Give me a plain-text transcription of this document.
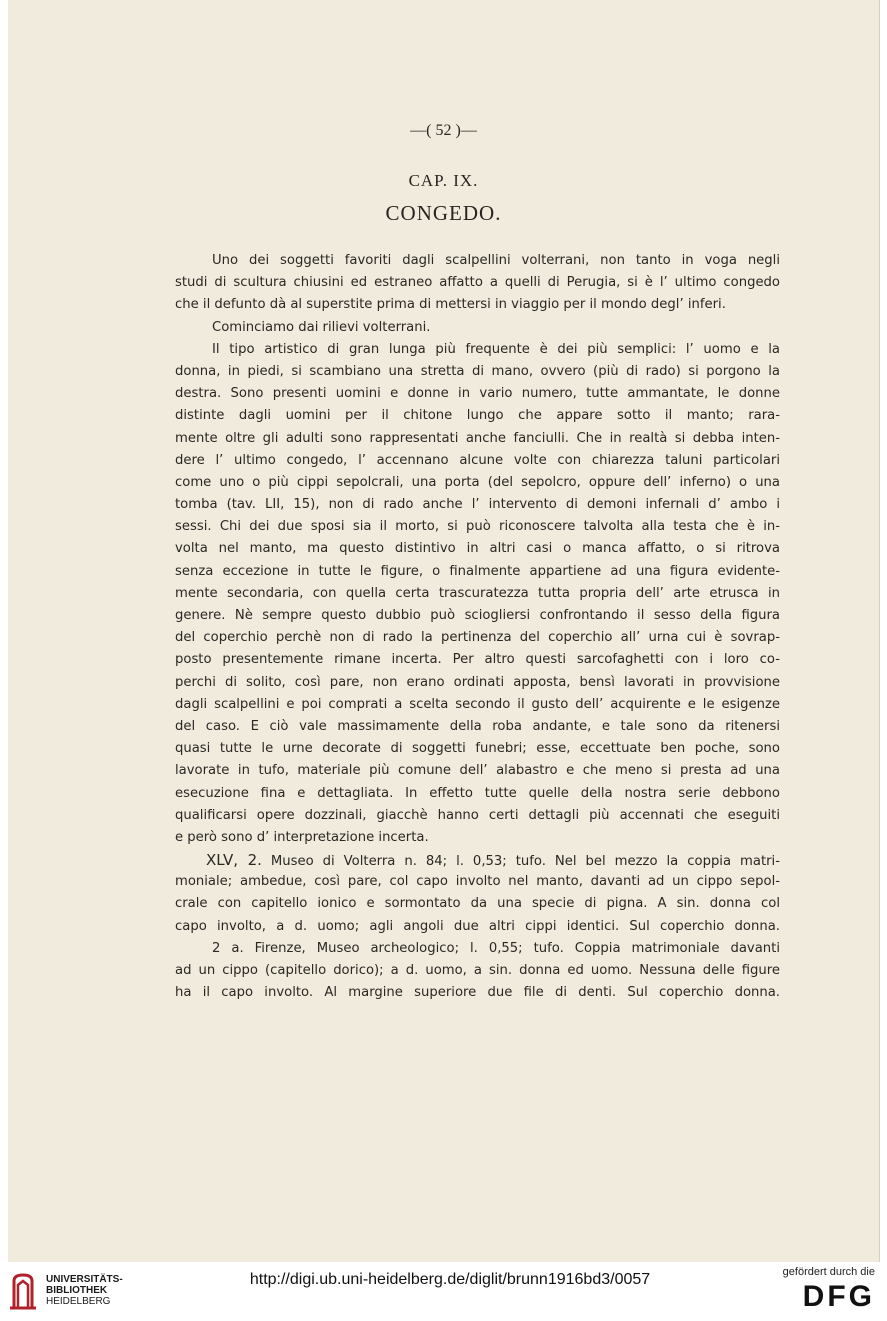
—( 52 )—
CAP. IX.
CONGEDO.
Uno dei soggetti favoriti dagli scalpellini volterrani, non tanto in voga negli
studi di scultura chiusini ed estraneo affatto a quelli di Perugia, si è l’ ultimo congedo
che il defunto dà al superstite prima di mettersi in viaggio per il mondo degl’ inferi.
Cominciamo dai rilievi volterrani.
Il tipo artistico di gran lunga più frequente è dei più semplici: l’ uomo e la
donna, in piedi, si scambiano una stretta di mano, ovvero (più di rado) si porgono la
destra. Sono presenti uomini e donne in vario numero, tutte ammantate, le donne
distinte dagli uomini per il chitone lungo che appare sotto il manto; rara-
mente oltre gli adulti sono rappresentati anche fanciulli. Che in realtà si debba inten-
dere l’ ultimo congedo, l’ accennano alcune volte con chiarezza taluni particolari
come uno o più cippi sepolcrali, una porta (del sepolcro, oppure dell’ inferno) o una
tomba (tav. LII, 15), non di rado anche l’ intervento di demoni infernali d’ ambo i
sessi. Chi dei due sposi sia il morto, si può riconoscere talvolta alla testa che è in-
volta nel manto, ma questo distintivo in altri casi o manca affatto, o si ritrova
senza eccezione in tutte le figure, o finalmente appartiene ad una figura evidente-
mente secondaria, con quella certa trascuratezza tutta propria dell’ arte etrusca in
genere. Nè sempre questo dubbio può sciogliersi confrontando il sesso della figura
del coperchio perchè non di rado la pertinenza del coperchio all’ urna cui è sovrap-
posto presentemente rimane incerta. Per altro questi sarcofaghetti con i loro co-
perchi di solito, così pare, non erano ordinati apposta, bensì lavorati in provvisione
dagli scalpellini e poi comprati a scelta secondo il gusto dell’ acquirente e le esigenze
del caso. E ciò vale massimamente della roba andante, e tale sono da ritenersi
quasi tutte le urne decorate di soggetti funebri; esse, eccettuate ben poche, sono
lavorate in tufo, materiale più comune dell’ alabastro e che meno si presta ad una
esecuzione fina e dettagliata. In effetto tutte quelle della nostra serie debbono
qualificarsi opere dozzinali, giacchè hanno certi dettagli più accennati che eseguiti
e però sono d’ interpretazione incerta.
XLV, 2. Museo di Volterra n. 84; l. 0,53; tufo. Nel bel mezzo la coppia matri-
moniale; ambedue, così pare, col capo involto nel manto, davanti ad un cippo sepol-
crale con capitello ionico e sormontato da una specie di pigna. A sin. donna col
capo involto, a d. uomo; agli angoli due altri cippi identici. Sul coperchio donna.
2 a. Firenze, Museo archeologico; l. 0,55; tufo. Coppia matrimoniale davanti
ad un cippo (capitello dorico); a d. uomo, a sin. donna ed uomo. Nessuna delle figure
ha il capo involto. Al margine superiore due file di denti. Sul coperchio donna.
UNIVERSITÄTS-
BIBLIOTHEK
HEIDELBERG
http://digi.ub.uni-heidelberg.de/diglit/brunn1916bd3/0057	gefördert durch die
DFG
